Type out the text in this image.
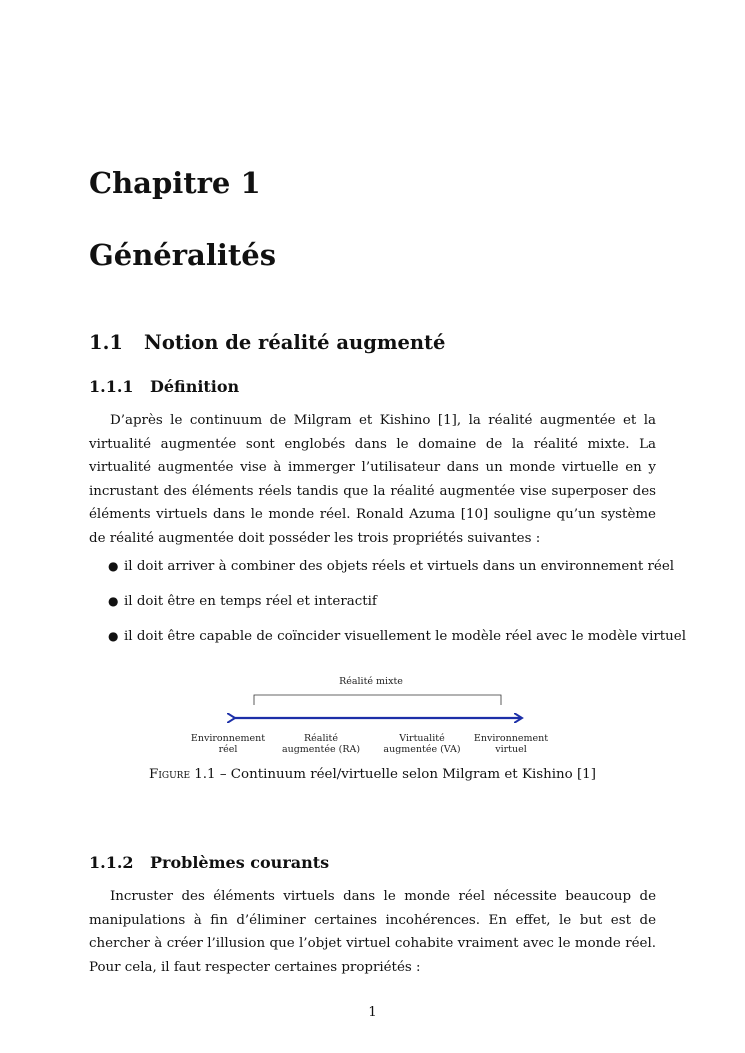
Chapitre 1
Généralités
1.1 Notion de réalité augmenté
1.1.1 Définition

D’après le continuum de Milgram et Kishino [1], la réalité augmentée et la virtualité augmentée sont englobés dans le domaine de la réalité mixte. La virtualité augmentée vise à immerger l’utilisateur dans un monde virtuelle en y incrustant des éléments réels tandis que la réalité augmentée vise superposer des éléments virtuels dans le monde réel. Ronald Azuma [10] souligne qu’un système de réalité augmentée doit posséder les trois propriétés suivantes :

● il doit arriver à combiner des objets réels et virtuels dans un environnement réel
● il doit être en temps réel et interactif
● il doit être capable de coïncider visuellement le modèle réel avec le modèle virtuel
Réalité mixte
Environnement
réel
Réalité
augmentée (RA)
Virtualité
augmentée (VA)
Environnement
virtuel

Figure 1.1 – Continuum réel/virtuelle selon Milgram et Kishino [1]

1.1.2 Problèmes courants

Incruster des éléments virtuels dans le monde réel nécessite beaucoup de manipulations à fin d’éliminer certaines incohérences. En effet, le but est de chercher à créer l’illusion que l’objet virtuel cohabite vraiment avec le monde réel. Pour cela, il faut respecter certaines propriétés :

1
